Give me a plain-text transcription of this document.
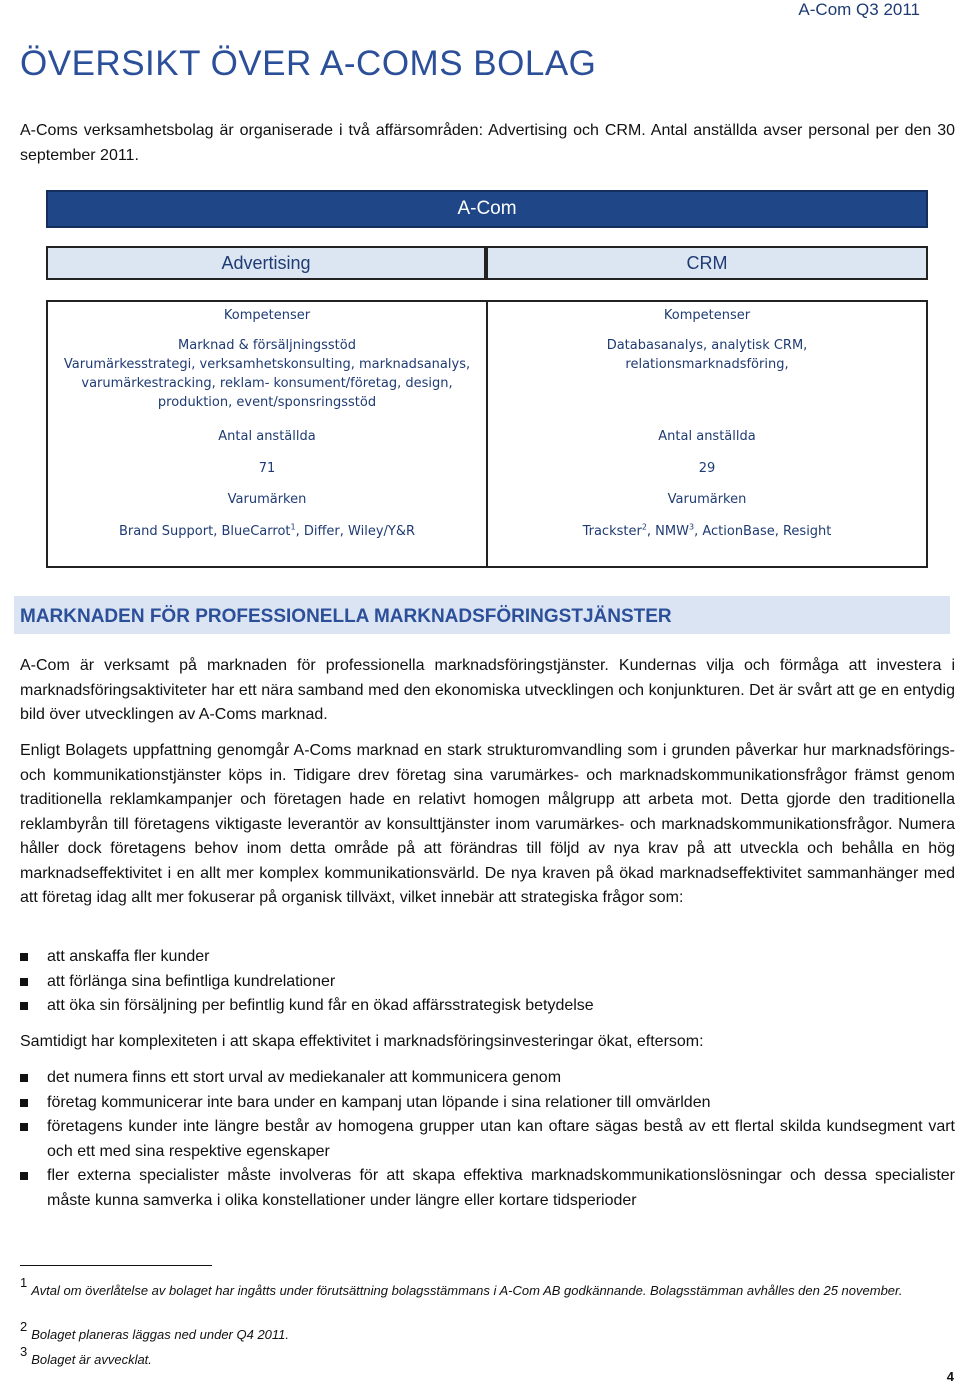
A-Com Q3 2011
ÖVERSIKT ÖVER A-COMS BOLAG

A-Coms verksamhetsbolag är organiserade i två affärsområden: Advertising och CRM. Antal anställda avser personal per den 30 september 2011.

A-Com
Advertising	CRM
Kompetenser
Marknad & försäljningsstöd
Varumärkesstrategi, verksamhetskonsulting, marknadsanalys,
varumärkestracking, reklam- konsument/företag, design,
produktion, event/sponsringsstöd
Antal anställda
71
Varumärken
Brand Support, BlueCarrot$^1$, Differ, Wiley/Y&R
Kompetenser
Databasanalys, analytisk CRM,
relationsmarknadsföring,
Antal anställda
29
Varumärken
Trackster$^2$, NMW$^3$, ActionBase, Resight
MARKNADEN FÖR PROFESSIONELLA MARKNADSFÖRINGSTJÄNSTER

A-Com är verksamt på marknaden för professionella marknadsföringstjänster. Kundernas vilja och förmåga att investera i marknadsföringsaktiviteter har ett nära samband med den ekonomiska utvecklingen och konjunkturen. Det är svårt att ge en entydig bild över utvecklingen av A-Coms marknad.

Enligt Bolagets uppfattning genomgår A-Coms marknad en stark strukturomvandling som i grunden påverkar hur marknadsförings- och kommunikationstjänster köps in. Tidigare drev företag sina varumärkes- och marknadskommunikationsfrågor främst genom traditionella reklamkampanjer och företagen hade en relativt homogen målgrupp att arbeta mot. Detta gjorde den traditionella reklambyrån till företagens viktigaste leverantör av konsulttjänster inom varumärkes- och marknadskommunikationsfrågor. Numera håller dock företagens behov inom detta område på att förändras till följd av nya krav på att utveckla och behålla en hög marknadseffektivitet i en allt mer komplex kommunikationsvärld. De nya kraven på ökad marknadseffektivitet sammanhänger med att företag idag allt mer fokuserar på organisk tillväxt, vilket innebär att strategiska frågor som:

att anskaffa fler kunder
att förlänga sina befintliga kundrelationer
att öka sin försäljning per befintlig kund får en ökad affärsstrategisk betydelse

Samtidigt har komplexiteten i att skapa effektivitet i marknadsföringsinvesteringar ökat, eftersom:

det numera finns ett stort urval av mediekanaler att kommunicera genom
företag kommunicerar inte bara under en kampanj utan löpande i sina relationer till omvärlden
företagens kunder inte längre består av homogena grupper utan kan oftare sägas bestå av ett flertal skilda kundsegment vart och ett med sina respektive egenskaper
fler externa specialister måste involveras för att skapa effektiva marknadskommunikationslösningar och dessa specialister måste kunna samverka i olika konstellationer under längre eller kortare tidsperioder
1Avtal om överlåtelse av bolaget har ingåtts under förutsättning bolagsstämmans i A-Com AB godkännande. Bolagsstämman avhålles den 25 november.
2Bolaget planeras läggas ned under Q4 2011.
3Bolaget är avvecklat.
4
